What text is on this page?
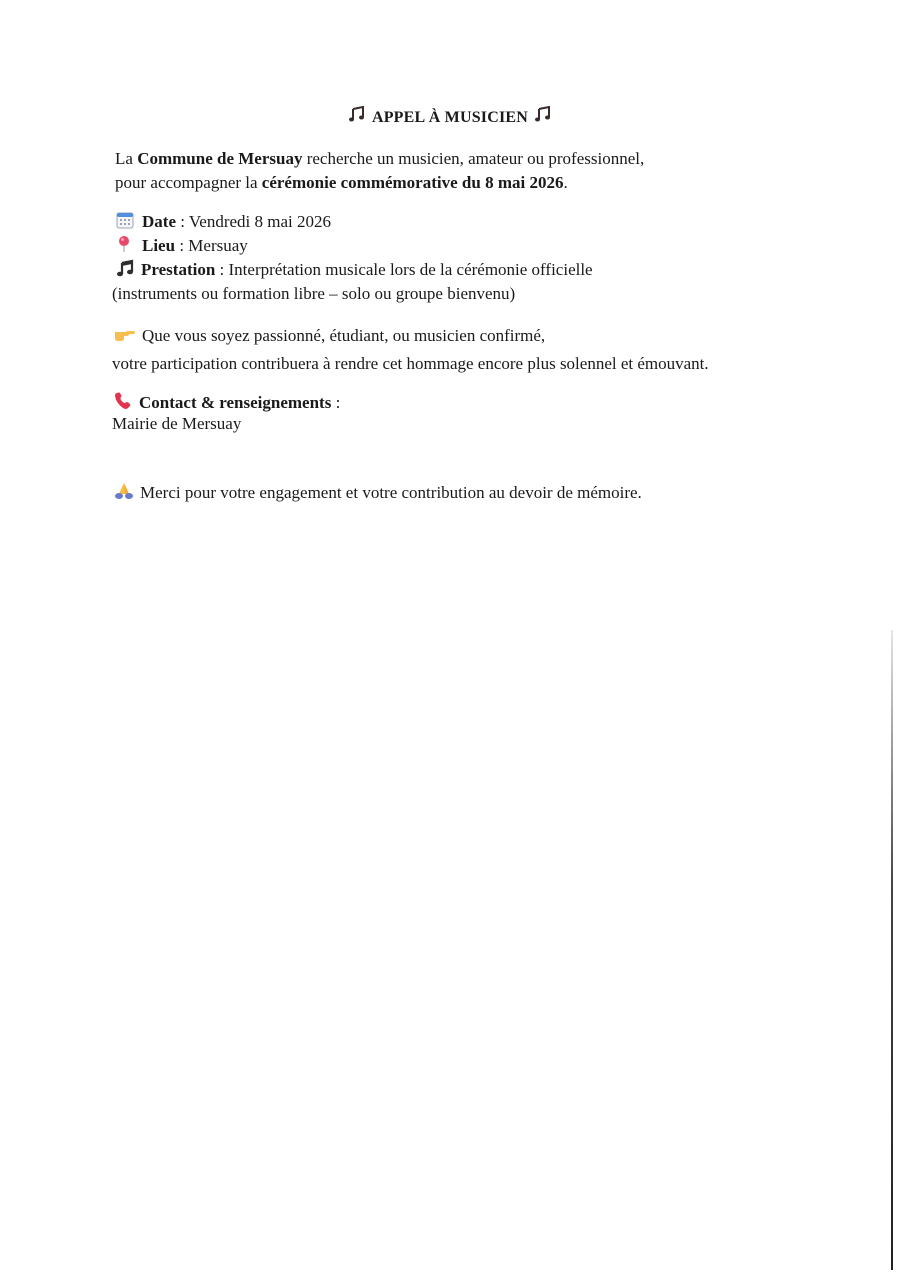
APPEL À MUSICIEN
La Commune de Mersuay recherche un musicien, amateur ou professionnel,
pour accompagner la cérémonie commémorative du 8 mai 2026.
Date : Vendredi 8 mai 2026
Lieu : Mersuay
Prestation : Interprétation musicale lors de la cérémonie officielle
(instruments ou formation libre – solo ou groupe bienvenu)
Que vous soyez passionné, étudiant, ou musicien confirmé,
votre participation contribuera à rendre cet hommage encore plus solennel et émouvant.
Contact & renseignements :
Mairie de Mersuay
Merci pour votre engagement et votre contribution au devoir de mémoire.
